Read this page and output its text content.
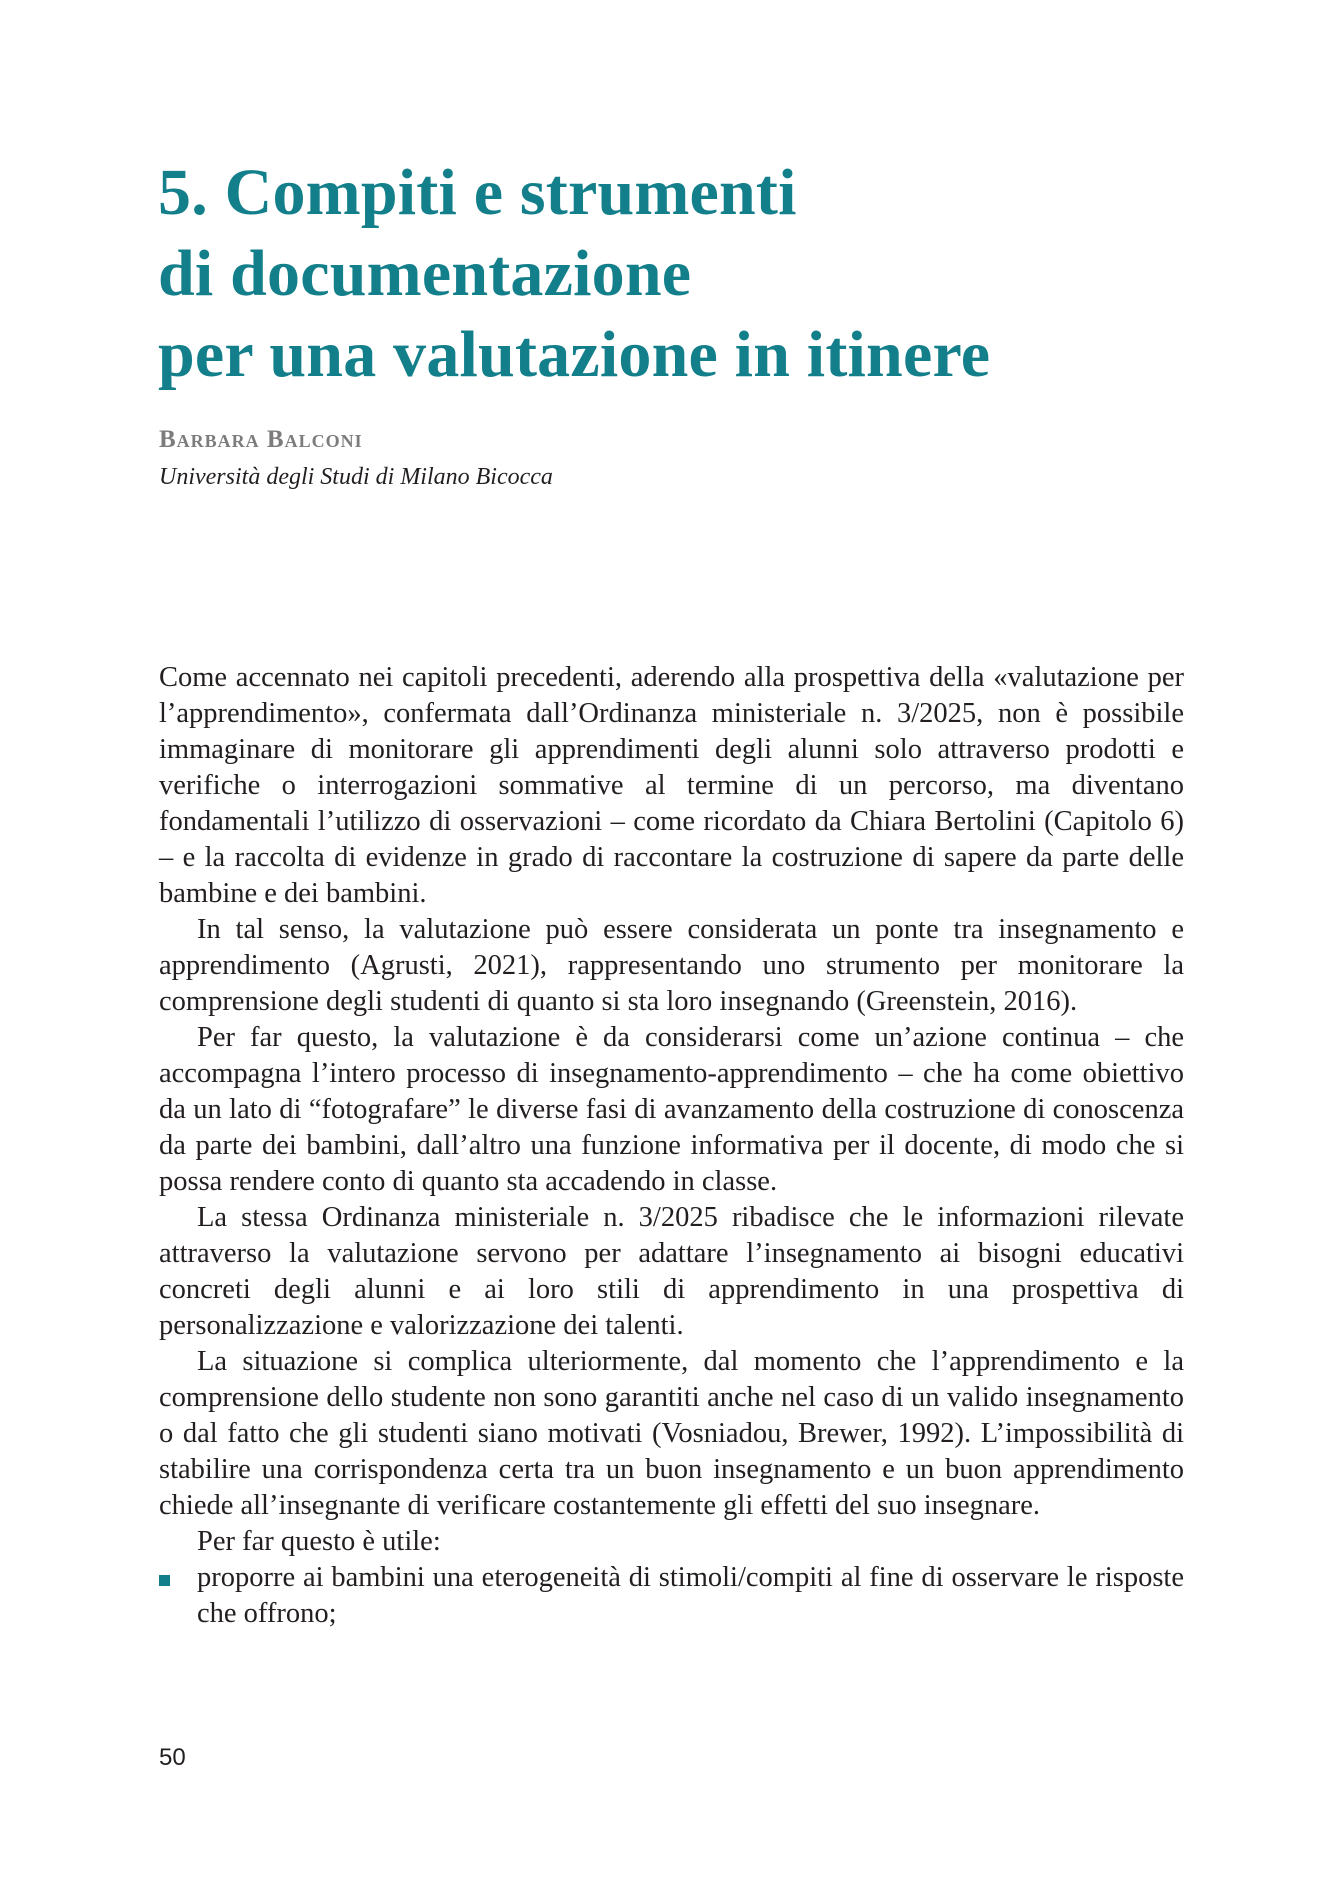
5. Compiti e strumenti
di documentazione
per una valutazione in itinere

Barbara Balconi

Università degli Studi di Milano Bicocca

Come accennato nei capitoli precedenti, aderendo alla prospettiva della «valutazione per l’apprendimento», confermata dall’Ordinanza ministeriale n. 3/2025, non è possibile immaginare di monitorare gli apprendimenti degli alunni solo attraverso prodotti e verifiche o interrogazioni sommative al termine di un percorso, ma diventano fondamentali l’utilizzo di osservazioni – come ricordato da Chiara Bertolini (Capitolo 6) – e la raccolta di evidenze in grado di raccontare la costruzione di sapere da parte delle bambine e dei bambini.

In tal senso, la valutazione può essere considerata un ponte tra insegnamento e apprendimento (Agrusti, 2021), rappresentando uno strumento per monitorare la comprensione degli studenti di quanto si sta loro insegnando (Greenstein, 2016).

Per far questo, la valutazione è da considerarsi come un’azione continua – che accompagna l’intero processo di insegnamento-apprendimento – che ha come obiettivo da un lato di “fotografare” le diverse fasi di avanzamento della costruzione di conoscenza da parte dei bambini, dall’altro una funzione informativa per il docente, di modo che si possa rendere conto di quanto sta accadendo in classe.

La stessa Ordinanza ministeriale n. 3/2025 ribadisce che le informazioni rilevate attraverso la valutazione servono per adattare l’insegnamento ai bisogni educativi concreti degli alunni e ai loro stili di apprendimento in una prospettiva di personalizzazione e valorizzazione dei talenti.

La situazione si complica ulteriormente, dal momento che l’apprendimento e la comprensione dello studente non sono garantiti anche nel caso di un valido insegnamento o dal fatto che gli studenti siano motivati (Vosniadou, Brewer, 1992). L’impossibilità di stabilire una corrispondenza certa tra un buon insegnamento e un buon apprendimento chiede all’insegnante di verificare costantemente gli effetti del suo insegnare.

Per far questo è utile:

proporre ai bambini una eterogeneità di stimoli/compiti al fine di osservare le risposte che offrono;

50
